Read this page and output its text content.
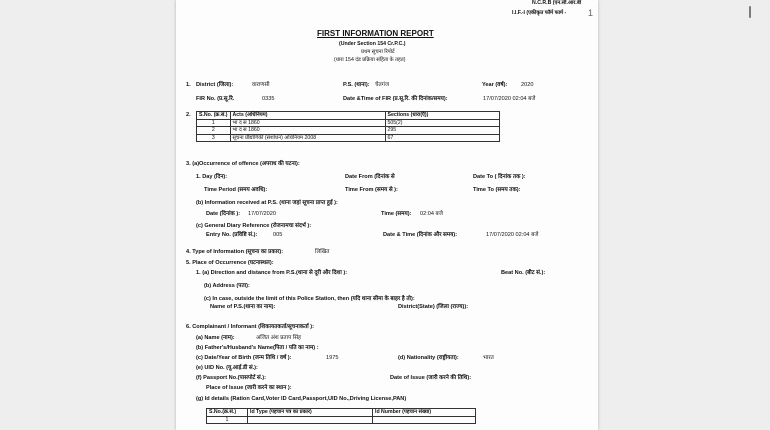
N.C.R.B (एन.सी.आर.बी
I.I.F.-I (एकीकृत फॉर्म फार्म - 1
FIRST INFORMATION REPORT
(Under Section 154 Cr.P.C.)
प्रथम सूचना रिपोर्ट
(धारा 154 दंड प्रक्रिया संहिता के तहत)
1. District (जिला):	वाराणसी	P.S. (थाना): चेतगंज	Year (वर्ष): 2020
FIR No. (प्र.सू.रि.	0335	Date &Time of FIR (प्र.सू.रि. की दिनांक/समय):	17/07/2020 02:04 बजे
2. S.No. (क्र.सं.)	Acts (अधिनियम)	Sections (धारा(एँ))
1	भा द स 1860	505(2)
2	भा द स 1860	295
3	सूचना प्रौद्योगिकी (संशोधन) अधिनियम 2008	67
3. (a)Occurrence of offence (अपराध की घटना):
1. Day (दिन):	Date From (दिनांक से	Date To ( दिनांक तक ):
Time Period (समय अवधि):	Time From (समय से ):	Time To (समय तक):
(b) Information received at P.S. (थाना जहां सूचना प्राप्त हुई ):
Date (दिनांक ): 17/07/2020	Time (समय): 02:04 बजे
(c) General Diary Reference (रोजनामचा संदर्भ ):
Entry No. (प्रविष्टि सं.):	005	Date & Time (दिनांक और समय):	17/07/2020 02:04 बजे
4. Type of Information (सूचना का प्रकार):	लिखित
5. Place of Occurrence (घटनास्थल):
1. (a) Direction and distance from P.S.(थाना से दूरी और दिशा ):	Beat No. (बीट सं.):
(b) Address (पता):
(c) In case, outside the limit of this Police Station, then (यदि थाना सीमा के बाहर है तो):
Name of P.S.(थाना का नाम):	District(State) (जिला (राज्य)):
6. Complainant / Informant (शिकायतकर्ता/सूचनाकर्ता ):
(a) Name (नाम):	अजित अंश प्रताप सिंह
(b) Father's/Husband's Name(पिता / पति का नाम) :
(c) Date/Year of Birth (जन्म तिथि / वर्ष ):	1975	(d) Nationality (राष्ट्रीयता):	भारत
(e) UID No. (यू.आई.डी सं.):
(f) Passport No.(पासपोर्ट सं.):	Date of Issue (जारी करने की तिथि):
Place of Issue (जारी करने का स्थान ):
(g) Id details (Ration Card,Voter ID Card,Passport,UID No.,Driving License,PAN)
S.No.(क्र.सं.)	Id Type (पहचान पत्र का प्रकार)	Id Number (पहचान संख्या)
1		
